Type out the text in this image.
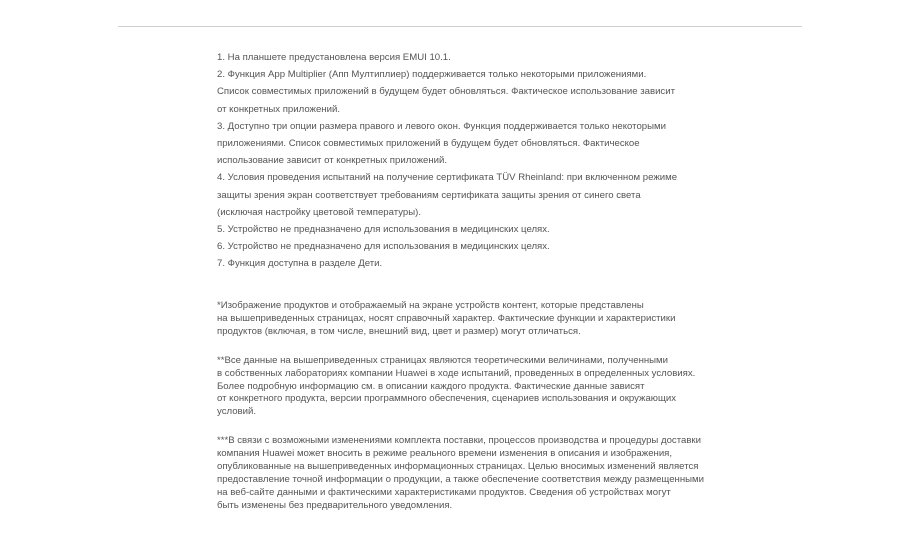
1. На планшете предустановлена версия EMUI 10.1.

2. Функция App Multiplier (Апп Мултиплиер) поддерживается только некоторыми приложениями.

Список совместимых приложений в будущем будет обновляться. Фактическое использование зависит

от конкретных приложений.

3. Доступно три опции размера правого и левого окон. Функция поддерживается только некоторыми

приложениями. Список совместимых приложений в будущем будет обновляться. Фактическое

использование зависит от конкретных приложений.

4. Условия проведения испытаний на получение сертификата TÜV Rheinland: при включенном режиме

защиты зрения экран соответствует требованиям сертификата защиты зрения от синего света

(исключая настройку цветовой температуры).

5. Устройство не предназначено для использования в медицинских целях.

6. Устройство не предназначено для использования в медицинских целях.

7. Функция доступна в разделе Дети.

*Изображение продуктов и отображаемый на экране устройств контент, которые представлены

на вышеприведенных страницах, носят справочный характер. Фактические функции и характеристики

продуктов (включая, в том числе, внешний вид, цвет и размер) могут отличаться.

**Все данные на вышеприведенных страницах являются теоретическими величинами, полученными

в собственных лабораториях компании Huawei в ходе испытаний, проведенных в определенных условиях.

Более подробную информацию см. в описании каждого продукта. Фактические данные зависят

от конкретного продукта, версии программного обеспечения, сценариев использования и окружающих

условий.

***В связи с возможными изменениями комплекта поставки, процессов производства и процедуры доставки

компания Huawei может вносить в режиме реального времени изменения в описания и изображения,

опубликованные на вышеприведенных информационных страницах. Целью вносимых изменений является

предоставление точной информации о продукции, а также обеспечение соответствия между размещенными

на веб-сайте данными и фактическими характеристиками продуктов. Сведения об устройствах могут

быть изменены без предварительного уведомления.
